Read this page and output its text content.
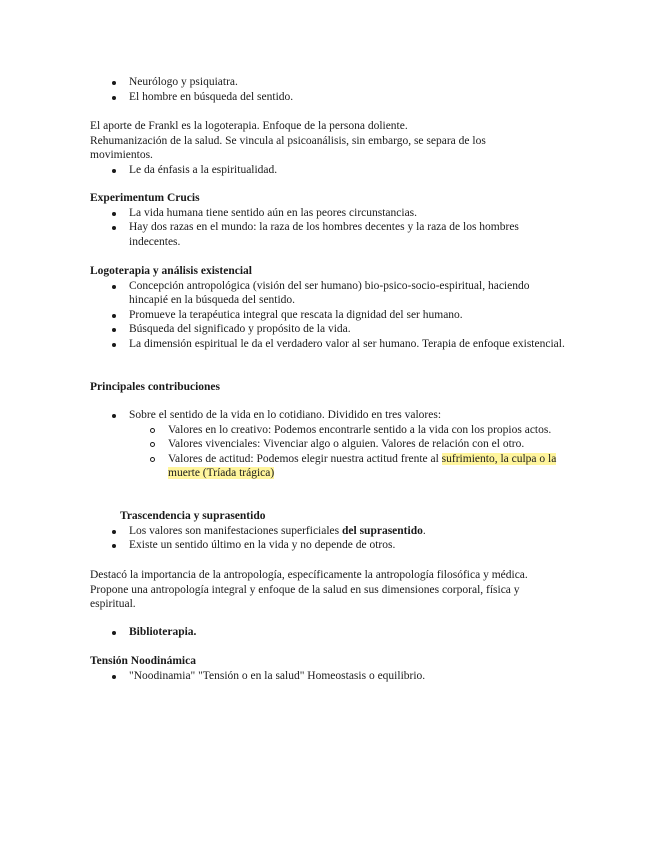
Neurólogo y psiquiatra.
El hombre en búsqueda del sentido.

El aporte de Frankl es la logoterapia. Enfoque de la persona doliente.

Rehumanización de la salud. Se vincula al psicoanálisis, sin embargo, se separa de los movimientos.

Le da énfasis a la espiritualidad.

Experimentum Crucis

La vida humana tiene sentido aún en las peores circunstancias.
Hay dos razas en el mundo: la raza de los hombres decentes y la raza de los hombres indecentes.

Logoterapia y análisis existencial

Concepción antropológica (visión del ser humano) bio-psico-socio-espiritual, haciendo hincapié en la búsqueda del sentido.
Promueve la terapéutica integral que rescata la dignidad del ser humano.
Búsqueda del significado y propósito de la vida.
La dimensión espiritual le da el verdadero valor al ser humano. Terapia de enfoque existencial.

Principales contribuciones

Sobre el sentido de la vida en lo cotidiano. Dividido en tres valores:
Valores en lo creativo: Podemos encontrarle sentido a la vida con los propios actos.
Valores vivenciales: Vivenciar algo o alguien. Valores de relación con el otro.
Valores de actitud: Podemos elegir nuestra actitud frente al sufrimiento, la culpa o la muerte (Tríada trágica)

Trascendencia y suprasentido

Los valores son manifestaciones superficiales del suprasentido.
Existe un sentido último en la vida y no depende de otros.

Destacó la importancia de la antropología, específicamente la antropología filosófica y médica.

Propone una antropología integral y enfoque de la salud en sus dimensiones corporal, física y espiritual.

Biblioterapia.

Tensión Noodinámica

"Noodinamia" "Tensión o en la salud" Homeostasis o equilibrio.
